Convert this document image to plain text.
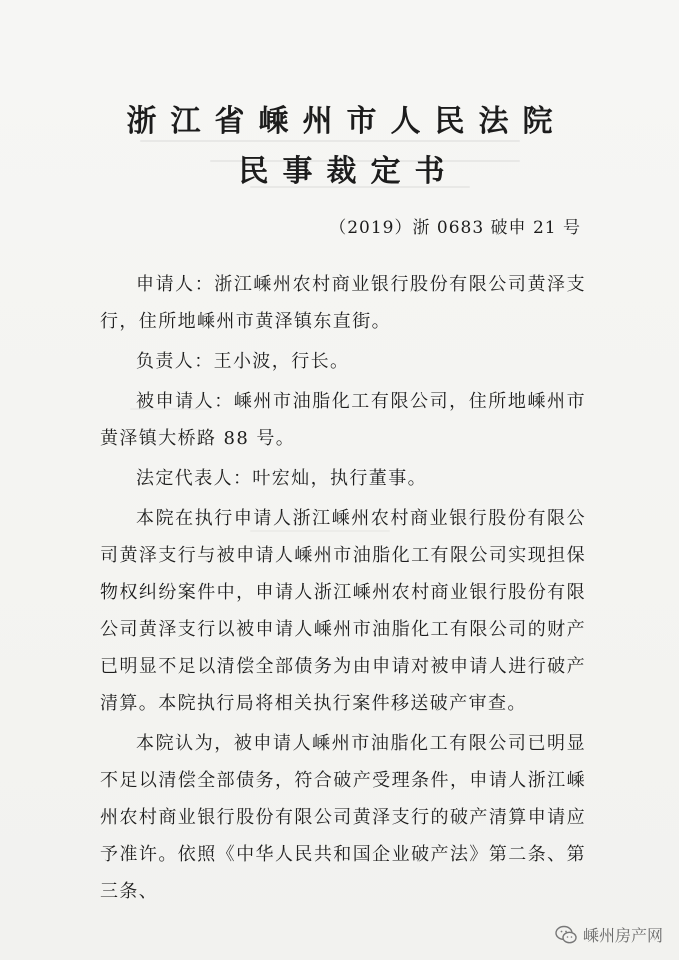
浙江省嵊州市人民法院
民事裁定书
（2019）浙 0683 破申 21 号

申请人：浙江嵊州农村商业银行股份有限公司黄泽支行，住所地嵊州市黄泽镇东直街。

负责人：王小波，行长。

被申请人：嵊州市油脂化工有限公司，住所地嵊州市黄泽镇大桥路 88 号。

法定代表人：叶宏灿，执行董事。

本院在执行申请人浙江嵊州农村商业银行股份有限公司黄泽支行与被申请人嵊州市油脂化工有限公司实现担保物权纠纷案件中，申请人浙江嵊州农村商业银行股份有限公司黄泽支行以被申请人嵊州市油脂化工有限公司的财产已明显不足以清偿全部债务为由申请对被申请人进行破产清算。本院执行局将相关执行案件移送破产审查。

本院认为，被申请人嵊州市油脂化工有限公司已明显不足以清偿全部债务，符合破产受理条件，申请人浙江嵊州农村商业银行股份有限公司黄泽支行的破产清算申请应予准许。依照《中华人民共和国企业破产法》第二条、第三条、

嵊州房产网
